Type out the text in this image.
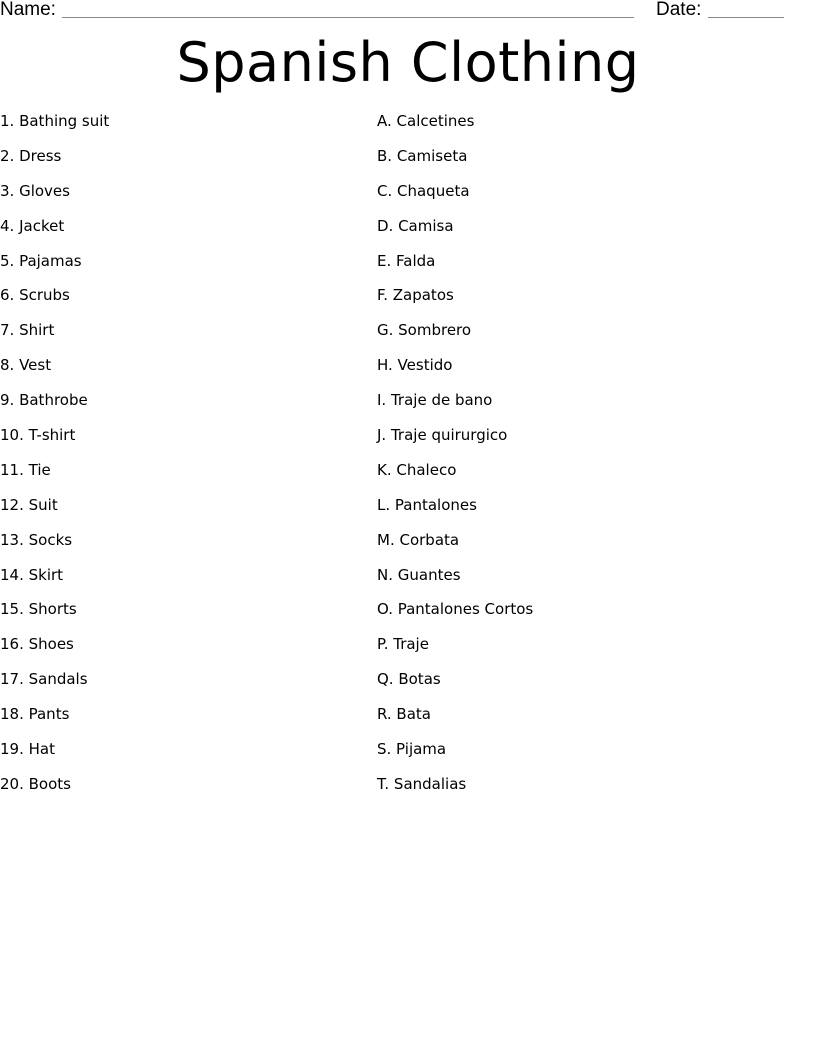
Name:	Date:
Spanish Clothing
1. Bathing suit
2. Dress
3. Gloves
4. Jacket
5. Pajamas
6. Scrubs
7. Shirt
8. Vest
9. Bathrobe
10. T-shirt
11. Tie
12. Suit
13. Socks
14. Skirt
15. Shorts
16. Shoes
17. Sandals
18. Pants
19. Hat
20. Boots
A. Calcetines
B. Camiseta
C. Chaqueta
D. Camisa
E. Falda
F. Zapatos
G. Sombrero
H. Vestido
I. Traje de bano
J. Traje quirurgico
K. Chaleco
L. Pantalones
M. Corbata
N. Guantes
O. Pantalones Cortos
P. Traje
Q. Botas
R. Bata
S. Pijama
T. Sandalias
